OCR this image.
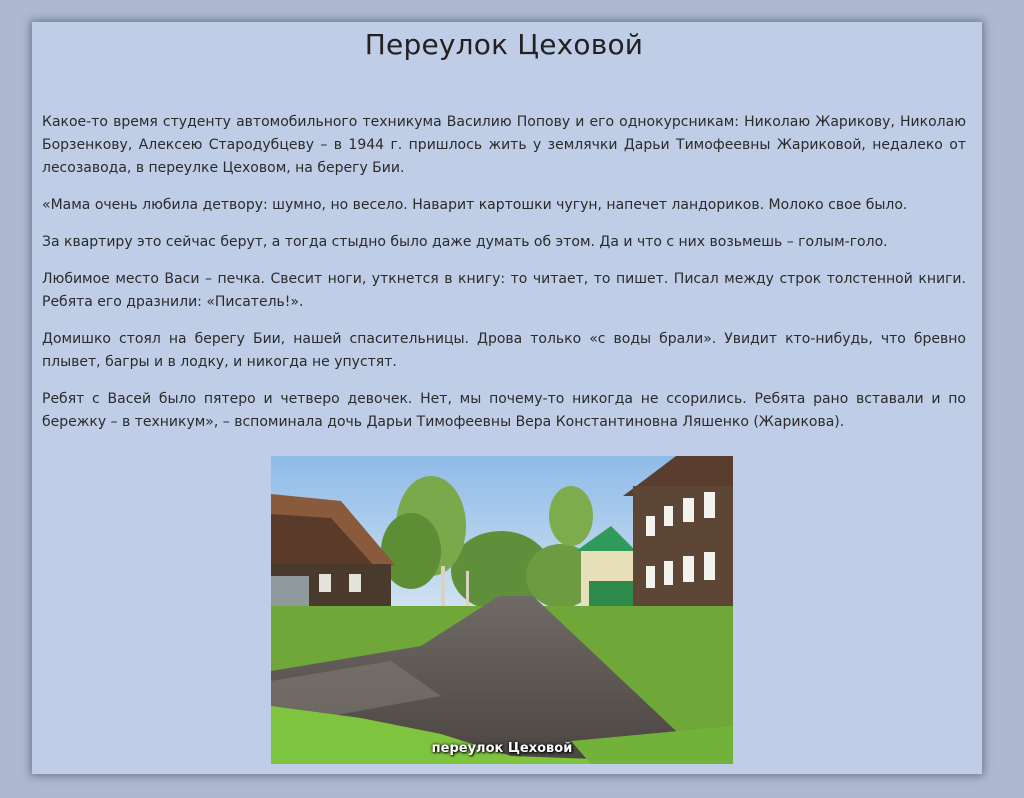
Переулок Цеховой

Какое-то время студенту автомобильного техникума Василию Попову и его однокурсникам: Николаю Жарикову, Николаю Борзенкову, Алексею Стародубцеву – в 1944 г. пришлось жить у землячки Дарьи Тимофеевны Жариковой, недалеко от лесозавода, в переулке Цеховом, на берегу Бии.

«Мама очень любила детвору: шумно, но весело. Наварит картошки чугун, напечет ландориков. Молоко свое было.

За квартиру это сейчас берут, а тогда стыдно было даже думать об этом. Да и что с них возьмешь – голым-голо.

Любимое место Васи – печка. Свесит ноги, уткнется в книгу: то читает, то пишет. Писал между строк толстенной книги. Ребята его дразнили: «Писатель!».

Домишко стоял на берегу Бии, нашей спасительницы. Дрова только «с воды брали». Увидит кто-нибудь, что бревно плывет, багры и в лодку, и никогда не упустят.

Ребят с Васей было пятеро и четверо девочек. Нет, мы почему-то никогда не ссорились. Ребята рано вставали и по бережку – в техникум», – вспоминала дочь Дарьи Тимофеевны Вера Константиновна Ляшенко (Жарикова).

переулок Цеховой
